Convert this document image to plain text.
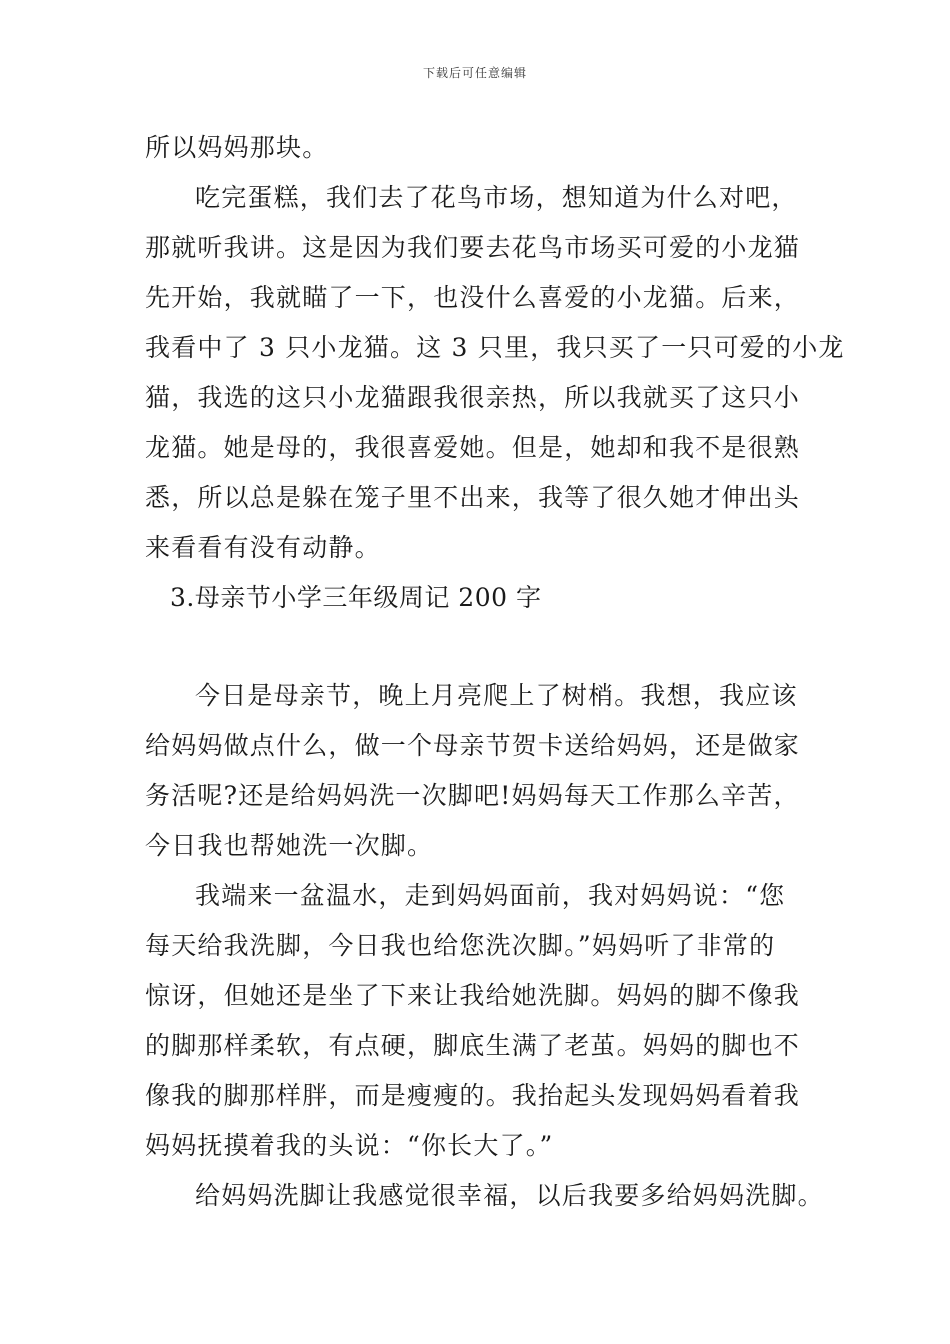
下载后可任意编辑
所以妈妈那块。
吃完蛋糕，我们去了花鸟市场，想知道为什么对吧，
那就听我讲。这是因为我们要去花鸟市场买可爱的小龙猫
先开始，我就瞄了一下，也没什么喜爱的小龙猫。后来，
我看中了 3 只小龙猫。这 3 只里，我只买了一只可爱的小龙
猫，我选的这只小龙猫跟我很亲热，所以我就买了这只小
龙猫。她是母的，我很喜爱她。但是，她却和我不是很熟
悉，所以总是躲在笼子里不出来，我等了很久她才伸出头
来看看有没有动静。
3.母亲节小学三年级周记 200 字
今日是母亲节，晚上月亮爬上了树梢。我想，我应该
给妈妈做点什么，做一个母亲节贺卡送给妈妈，还是做家
务活呢?还是给妈妈洗一次脚吧!妈妈每天工作那么辛苦，
今日我也帮她洗一次脚。
我端来一盆温水，走到妈妈面前，我对妈妈说：“您
每天给我洗脚，今日我也给您洗次脚。”妈妈听了非常的
惊讶，但她还是坐了下来让我给她洗脚。妈妈的脚不像我
的脚那样柔软，有点硬，脚底生满了老茧。妈妈的脚也不
像我的脚那样胖，而是瘦瘦的。我抬起头发现妈妈看着我
妈妈抚摸着我的头说：“你长大了。”
给妈妈洗脚让我感觉很幸福，以后我要多给妈妈洗脚。
